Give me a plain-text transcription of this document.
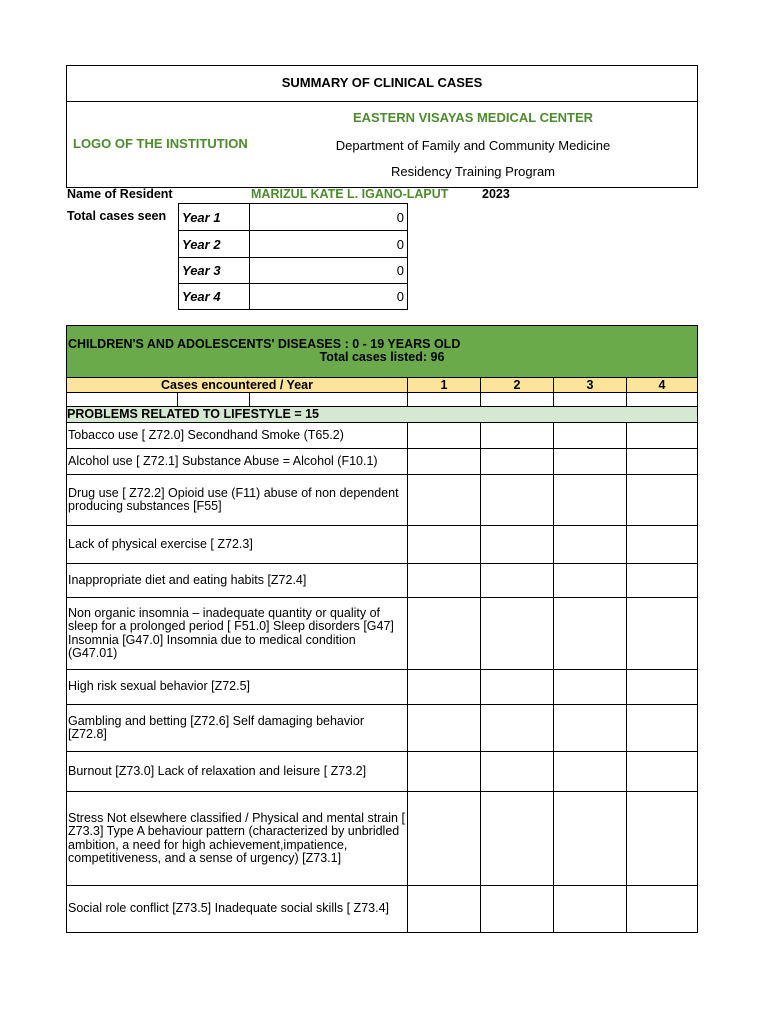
SUMMARY OF CLINICAL CASES
EASTERN VISAYAS MEDICAL CENTER
LOGO OF THE INSTITUTION	Department of Family and Community Medicine
Residency Training Program
Name of Resident	MARIZUL KATE L. IGANO-LAPUT	2023
Total cases seen Year 1	0
Year 2	0
Year 3	0
Year 4	0
CHILDREN'S AND ADOLESCENTS' DISEASES : 0 - 19 YEARS OLD
Total cases listed: 96
Cases encountered / Year	1	2	3	4
PROBLEMS RELATED TO LIFESTYLE = 15
Tobacco use [ Z72.0] Secondhand Smoke (T65.2)
Alcohol use [ Z72.1] Substance Abuse = Alcohol (F10.1)
Drug use [ Z72.2] Opioid use (F11) abuse of non dependent producing substances [F55]
Lack of physical exercise [ Z72.3]
Inappropriate diet and eating habits [Z72.4]
Non organic insomnia – inadequate quantity or quality of sleep for a prolonged period [ F51.0] Sleep disorders [G47] Insomnia [G47.0] Insomnia due to medical condition (G47.01)
High risk sexual behavior [Z72.5]
Gambling and betting [Z72.6] Self damaging behavior [Z72.8]
Burnout [Z73.0] Lack of relaxation and leisure [ Z73.2]
Stress Not elsewhere classified / Physical and mental strain [ Z73.3] Type A behaviour pattern (characterized by unbridled ambition, a need for high achievement,impatience, competitiveness, and a sense of urgency) [Z73.1]
Social role conflict [Z73.5] Inadequate social skills [ Z73.4]
